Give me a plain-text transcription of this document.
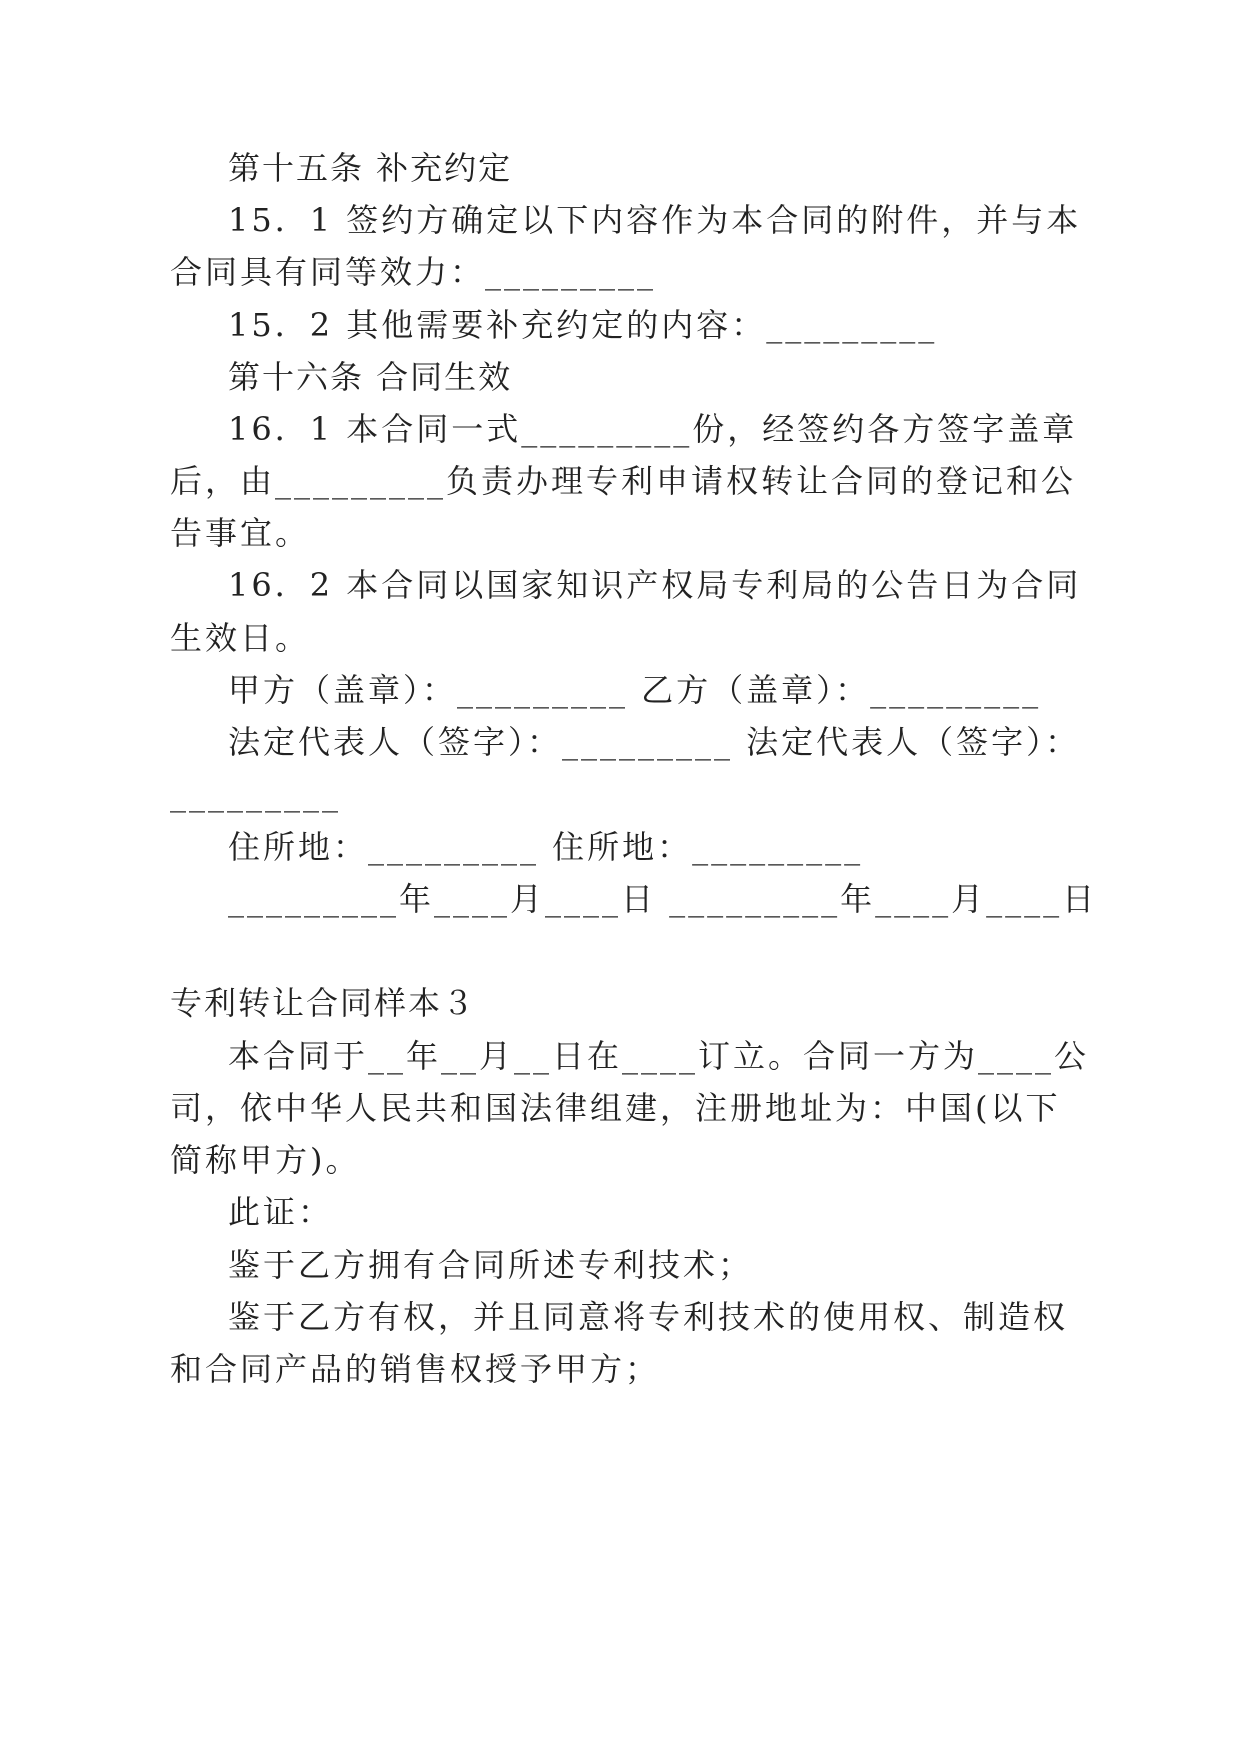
第十五条 补充约定
15．1 签约方确定以下内容作为本合同的附件，并与本
合同具有同等效力：_________
15．2 其他需要补充约定的内容：_________
第十六条 合同生效
16．1 本合同一式_________份，经签约各方签字盖章
后，由_________负责办理专利申请权转让合同的登记和公
告事宜。
16．2 本合同以国家知识产权局专利局的公告日为合同
生效日。
甲方（盖章）：_________ 乙方（盖章）：_________
法定代表人（签字）：_________ 法定代表人（签字）：
_________
住所地：_________ 住所地：_________
_________年____月____日 _________年____月____日
专利转让合同样本３
本合同于__年__月__日在____订立。合同一方为____公
司，依中华人民共和国法律组建，注册地址为：中国(以下
简称甲方)。
此证：
鉴于乙方拥有合同所述专利技术；
鉴于乙方有权，并且同意将专利技术的使用权、制造权
和合同产品的销售权授予甲方；
